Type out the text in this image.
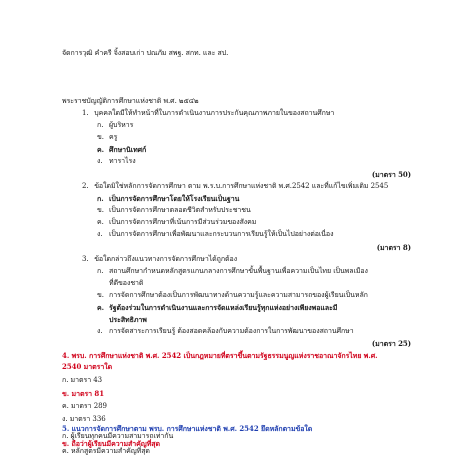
จัดการวุฒิ คำครี จิ้งสอบเก่า ปณภัม สพฐ. สกท. และ สป.
พระราชบัญญัติการศึกษาแห่งชาติ พ.ศ. ๒๕๔๒
1. บุคคลใดมีให้ทำหน้าที่ในการดำเนินงานการประกันคุณภาพภายในของสถานศึกษา
ก. ผู้บริหาร
ข. ครู
ค. ศึกษานิเทศก์
ง. ทาราไรง
(มาตรา 50)
2. ข้อใดมิใช่หลักการจัดการศึกษา ตาม พ.ร.บ.การศึกษาแห่งชาติ พ.ศ.2542 และที่แก้ไขเพิ่มเติม 2545
ก. เป็นการจัดการศึกษาโดยให้โรงเรียนเป็นฐาน
ข. เป็นการจัดการศึกษาตลอดชีวิตสำหรับประชาชน
ค. เป็นการจัดการศึกษาที่เน้นการมีส่วนร่วมของสังคม
ง. เป็นการจัดการศึกษาเพื่อพัฒนาและกระบวนการเรียนรู้ให้เป็นไปอย่างต่อเนื่อง
(มาตรา 8)
3. ข้อใดกล่าวถึงแนวทางการจัดการศึกษาได้ถูกต้อง
ก. สถานศึกษากำหนดหลักสูตรแกนกลางการศึกษาขั้นพื้นฐานเพื่อความเป็นไทย เป็นพลเมือง
ที่ดีของชาติ
ข. การจัดการศึกษาต้องเป็นการพัฒนาทางด้านความรู้และความสามารถของผู้เรียนเป็นหลัก
ค. รัฐต้องร่วมในการดำเนินงานและการจัดแหล่งเรียนรู้ทุกแห่งอย่างเพียงพอและมี
ประสิทธิภาพ
ง. การจัดสาระการเรียนรู้ ต้องสอดคล้องกับความต้องการในการพัฒนาของสถานศึกษา
(มาตรา 25)
4. พรบ. การศึกษาแห่งชาติ พ.ศ. 2542 เป็นกฎหมายที่ตราขึ้นตามรัฐธรรมนูญแห่งราชอาณาจักรไทย พ.ศ.
2540 มาตราใด
ก. มาตรา 43
ข. มาตรา 81
ค. มาตรา 289
ง. มาตรา 336
5. แนวการจัดการศึกษาตาม พรบ. การศึกษาแห่งชาติ พ.ศ. 2542 ยึดหลักตามข้อใด
ก. ผู้เรียนทุกคนมีความสามารถเท่ากัน
ข. ถือว่าผู้เรียนมีความสำคัญที่สุด
ค. หลักสูตรมีความสำคัญที่สุด
